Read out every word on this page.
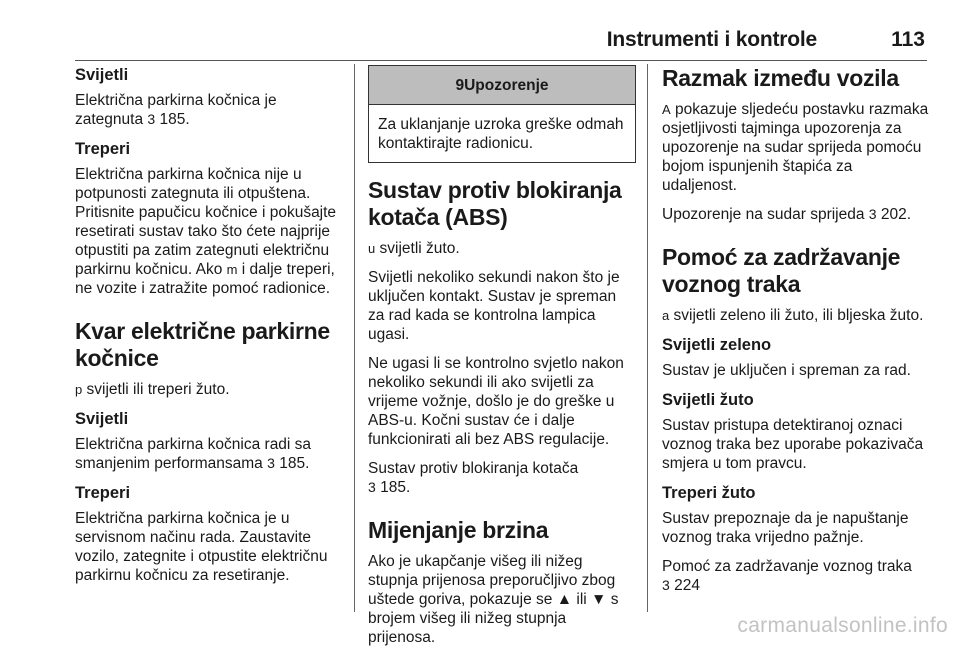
Instrumenti i kontrole	113
Svijetli

Električna parkirna kočnica je zategnuta 3 185.

Treperi

Električna parkirna kočnica nije u potpunosti zategnuta ili otpuštena. Pritisnite papučicu kočnice i pokušajte resetirati sustav tako što ćete najprije otpustiti pa zatim zategnuti električnu parkirnu kočnicu. Ako m i dalje treperi, ne vozite i zatražite pomoć radionice.

Kvar električne parkirne kočnice

p svijetli ili treperi žuto.

Svijetli

Električna parkirna kočnica radi sa smanjenim performansama 3 185.

Treperi

Električna parkirna kočnica je u servisnom načinu rada. Zaustavite vozilo, zategnite i otpustite električnu parkirnu kočnicu za resetiranje.

9Upozorenje
Za uklanjanje uzroka greške odmah kontaktirajte radionicu.
Sustav protiv blokiranja kotača (ABS)

u svijetli žuto.

Svijetli nekoliko sekundi nakon što je uključen kontakt. Sustav je spreman za rad kada se kontrolna lampica ugasi.

Ne ugasi li se kontrolno svjetlo nakon nekoliko sekundi ili ako svijetli za vrijeme vožnje, došlo je do greške u ABS-u. Kočni sustav će i dalje funkcionirati ali bez ABS regulacije.

Sustav protiv blokiranja kotača
3 185.

Mijenjanje brzina

Ako je ukapčanje višeg ili nižeg stupnja prijenosa preporučljivo zbog uštede goriva, pokazuje se ▲ ili ▼ s brojem višeg ili nižeg stupnja prijenosa.

Razmak između vozila

A pokazuje sljedeću postavku razmaka osjetljivosti tajminga upozorenja za upozorenje na sudar sprijeda pomoću bojom ispunjenih štapića za udaljenost.

Upozorenje na sudar sprijeda 3 202.

Pomoć za zadržavanje voznog traka

a svijetli zeleno ili žuto, ili bljeska žuto.

Svijetli zeleno

Sustav je uključen i spreman za rad.

Svijetli žuto

Sustav pristupa detektiranoj oznaci voznog traka bez uporabe pokazivača smjera u tom pravcu.

Treperi žuto

Sustav prepoznaje da je napuštanje voznog traka vrijedno pažnje.

Pomoć za zadržavanje voznog traka
3 224

carmanualsonline.info
